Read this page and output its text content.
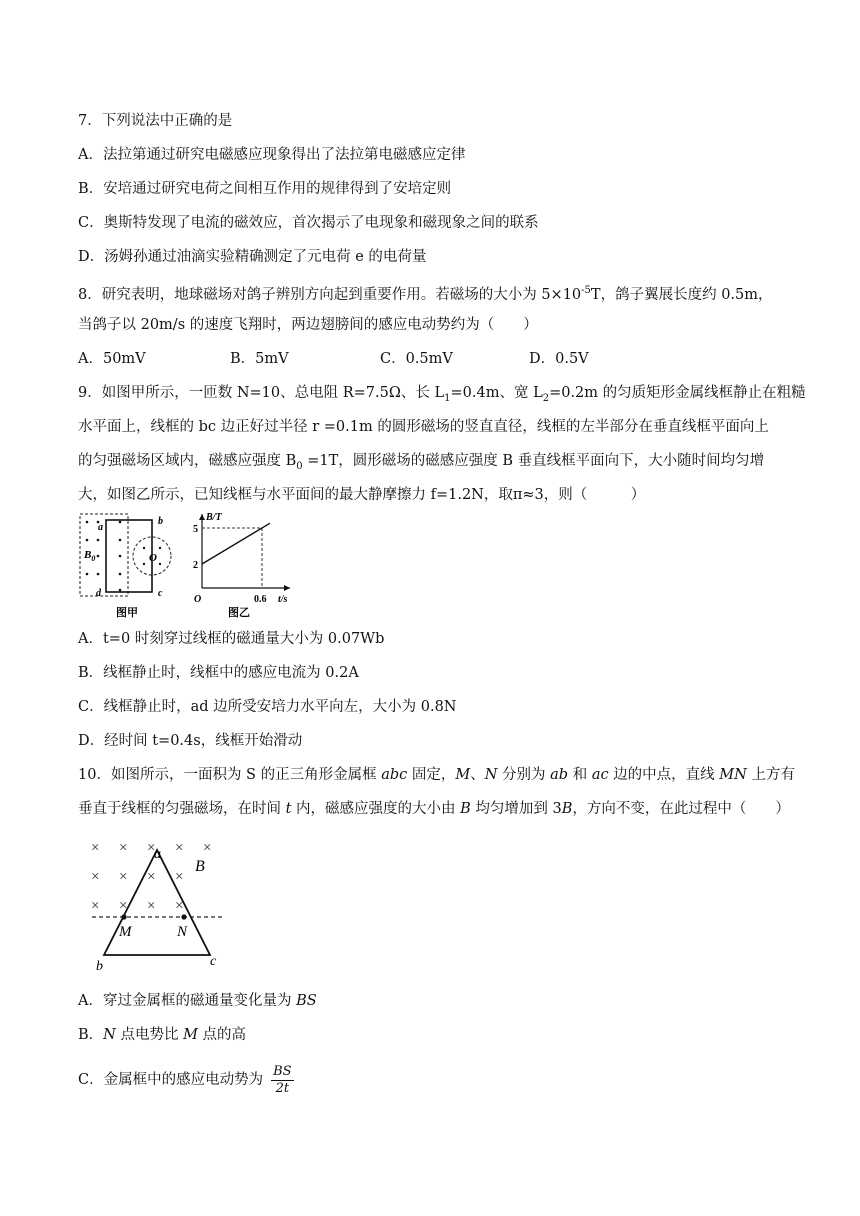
7．下列说法中正确的是
A．法拉第通过研究电磁感应现象得出了法拉第电磁感应定律
B．安培通过研究电荷之间相互作用的规律得到了安培定则
C．奥斯特发现了电流的磁效应，首次揭示了电现象和磁现象之间的联系
D．汤姆孙通过油滴实验精确测定了元电荷 e 的电荷量
8．研究表明，地球磁场对鸽子辨别方向起到重要作用。若磁场的大小为 $5\times 10^{-5}T$，鸽子翼展长度约 0.5m，
当鸽子以 20m/s 的速度飞翔时，两边翅膀间的感应电动势约为（　　）
A．50mV	B．5mV	C．0.5mV	D．0.5V
9．如图甲所示，一匝数 N=10、总电阻 R=7.5Ω、长 $L_1=0.4m$、宽 $L_2=0.2m$ 的匀质矩形金属线框静止在粗糙
水平面上，线框的 bc 边正好过半径 r =0.1m 的圆形磁场的竖直直径，线框的左半部分在垂直线框平面向上
的匀强磁场区域内，磁感应强度 $B_0 =1T$，圆形磁场的磁感应强度 B 垂直线框平面向下，大小随时间均匀增
大，如图乙所示，已知线框与水平面间的最大静摩擦力 f=1.2N，取π≈3，则（　　　）
a
b
c
d
$B_0$	O
图甲
B/T
t/s
O
5
2
0.6
图乙
A．t=0 时刻穿过线框的磁通量大小为 0.07Wb
B．线框静止时，线框中的感应电流为 0.2A
C．线框静止时，ad 边所受安培力水平向左，大小为 0.8N
D．经时间 t=0.4s，线框开始滑动
10．如图所示，一面积为 S 的正三角形金属框 abc 固定，M、N 分别为 ab 和 ac 边的中点，直线 MN 上方有
垂直于线框的匀强磁场，在时间 t 内，磁感应强度的大小由 B 均匀增加到 3B，方向不变，在此过程中（　　）
× × × × ×
× × × ×
× × × ×
a
b	c
M	N
B
A．穿过金属框的磁通量变化量为 BS
B．N 点电势比 M 点的高
C．金属框中的感应电动势为 $\frac{BS}{2t}$
